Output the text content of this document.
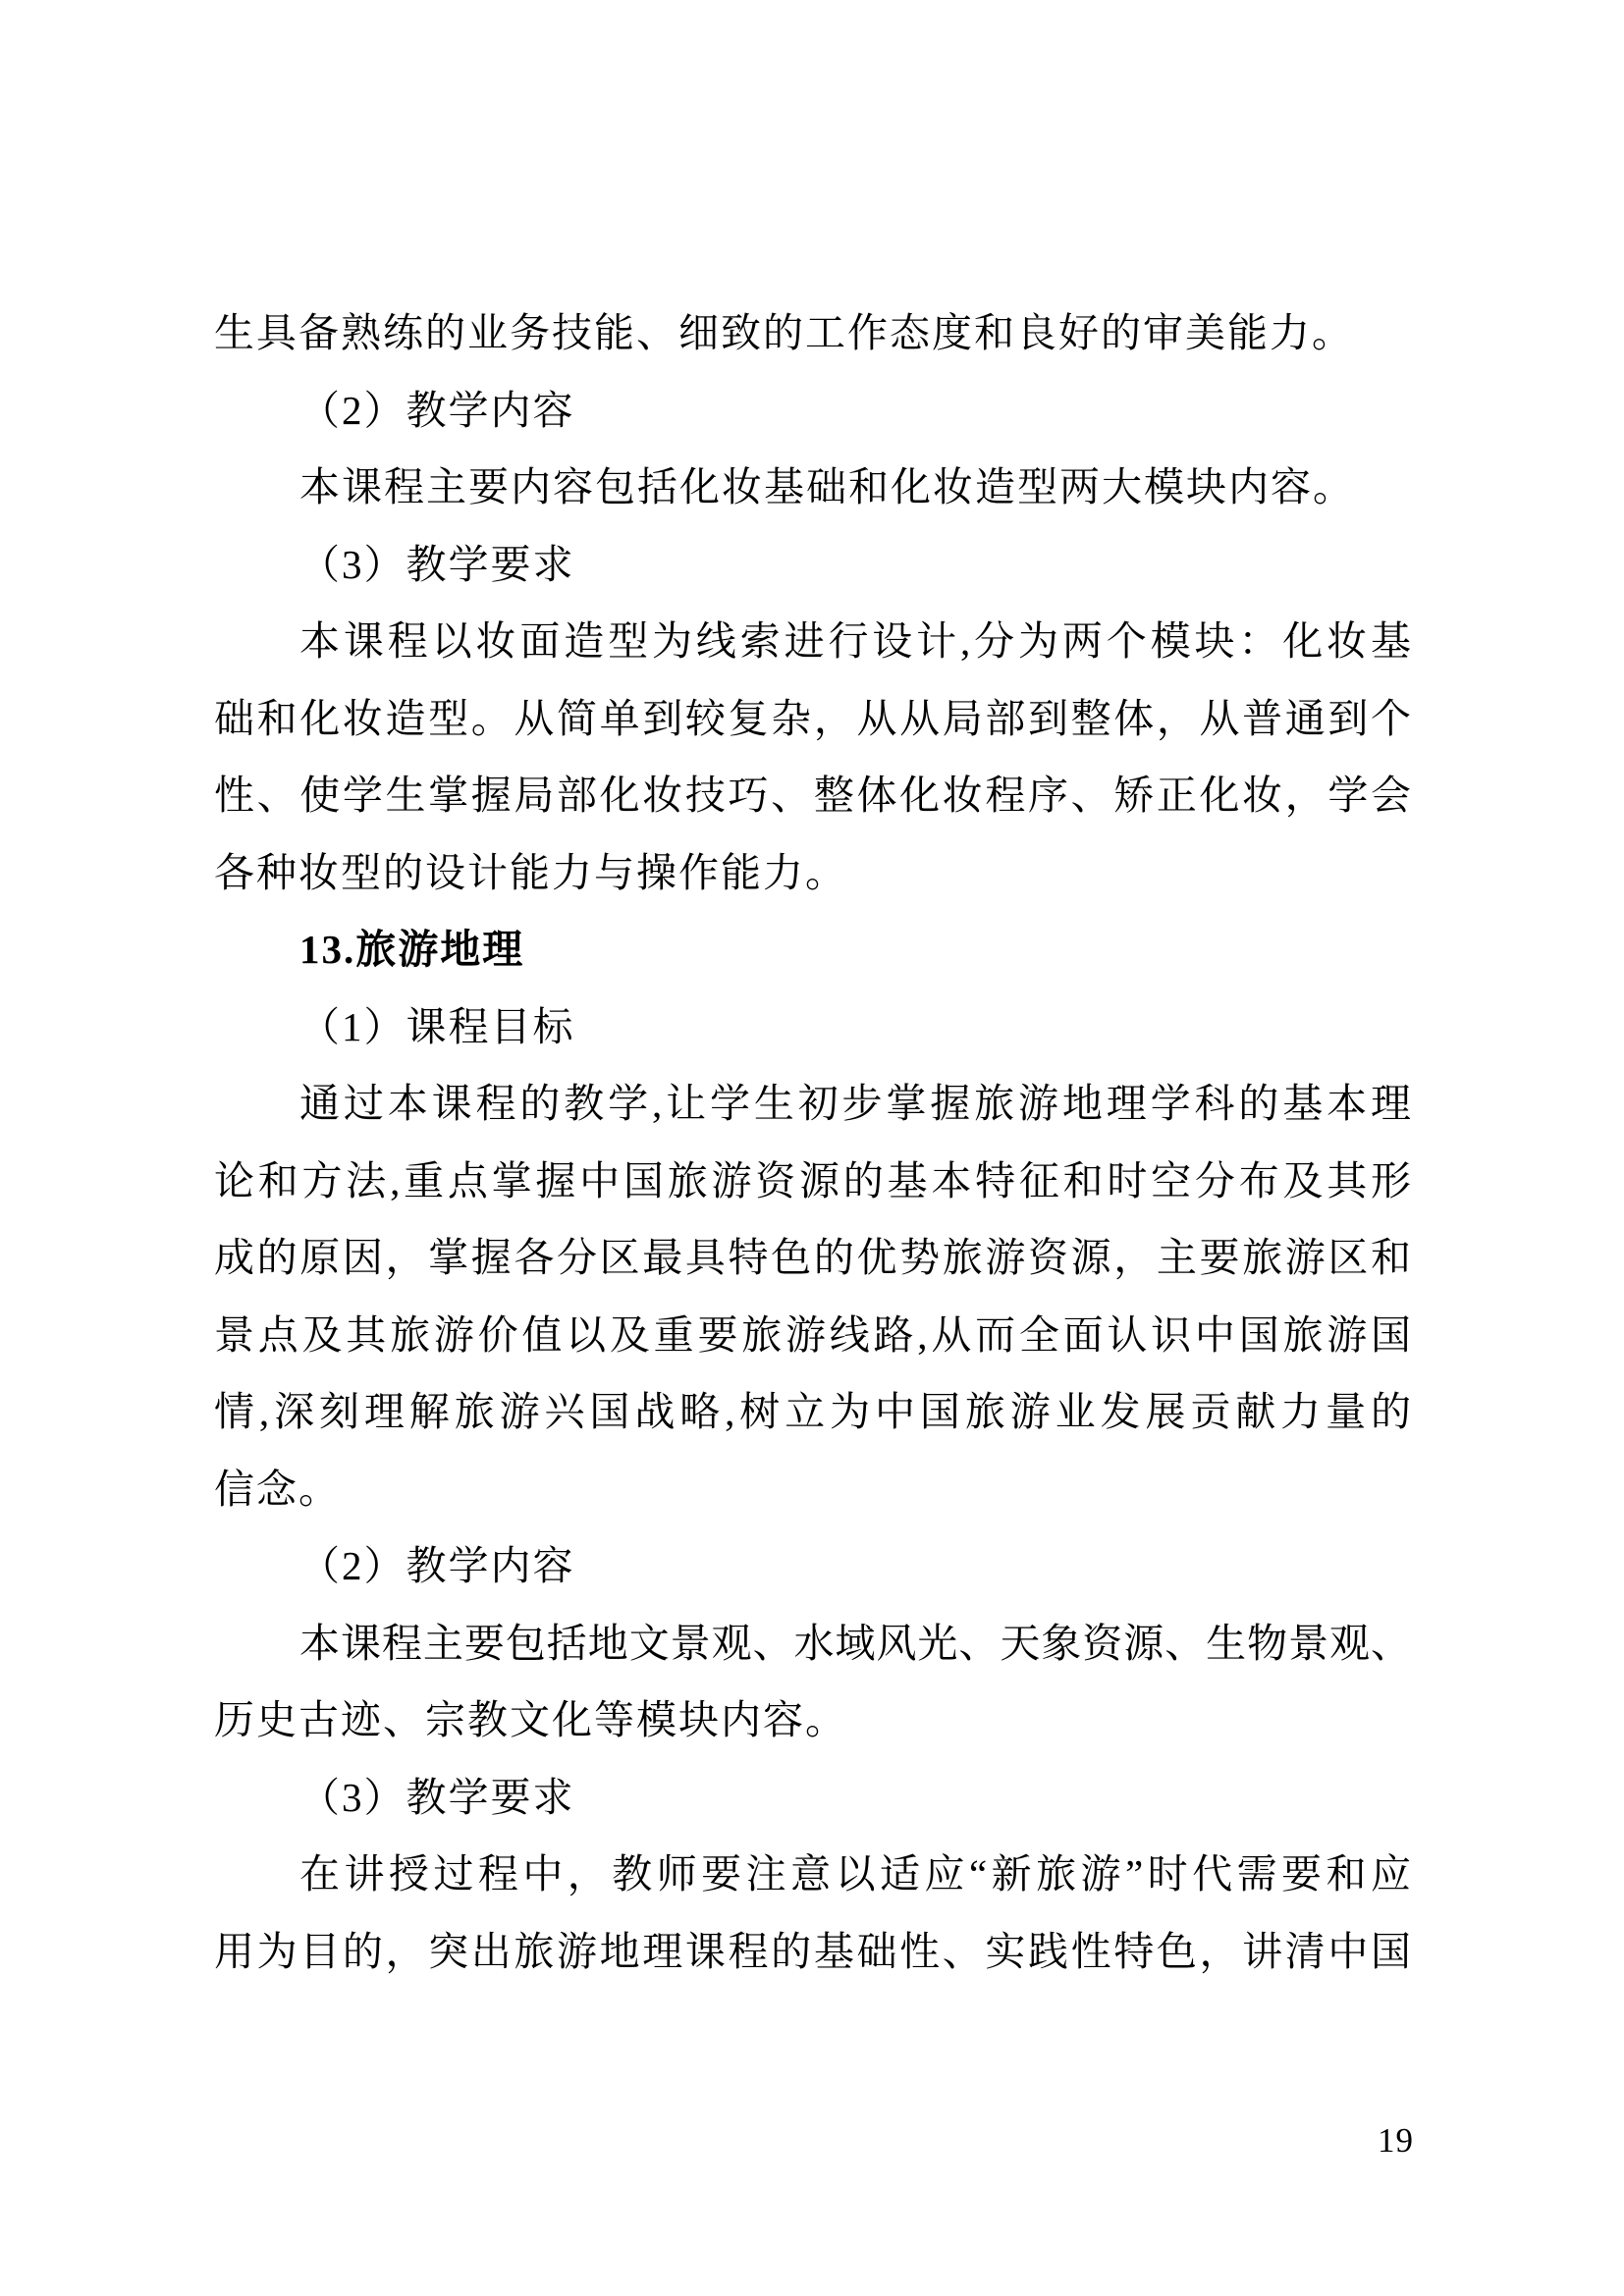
生具备熟练的业务技能、细致的工作态度和良好的审美能力。
（2）教学内容
本课程主要内容包括化妆基础和化妆造型两大模块内容。
（3）教学要求
本课程以妆面造型为线索进行设计,分为两个模块：化妆基
础和化妆造型。从简单到较复杂，从从局部到整体，从普通到个
性、使学生掌握局部化妆技巧、整体化妆程序、矫正化妆，学会
各种妆型的设计能力与操作能力。
13.旅游地理
（1）课程目标
通过本课程的教学,让学生初步掌握旅游地理学科的基本理
论和方法,重点掌握中国旅游资源的基本特征和时空分布及其形
成的原因，掌握各分区最具特色的优势旅游资源，主要旅游区和
景点及其旅游价值以及重要旅游线路,从而全面认识中国旅游国
情,深刻理解旅游兴国战略,树立为中国旅游业发展贡献力量的
信念。
（2）教学内容
本课程主要包括地文景观、水域风光、天象资源、生物景观、
历史古迹、宗教文化等模块内容。
（3）教学要求
在讲授过程中，教师要注意以适应“新旅游”时代需要和应
用为目的，突出旅游地理课程的基础性、实践性特色，讲清中国
19
